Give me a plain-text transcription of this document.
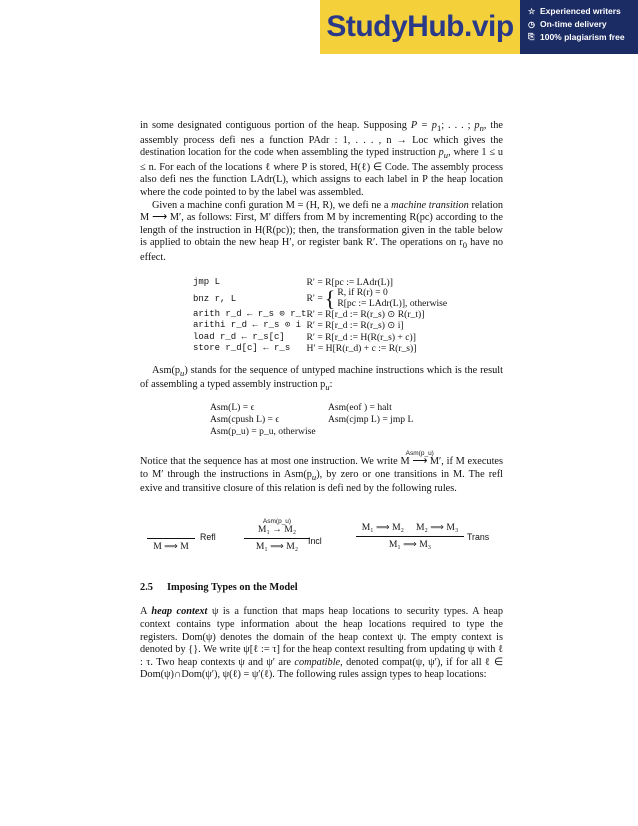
StudyHub.vip	☆ Experienced writers
◷ On-time delivery
⎘ 100% plagiarism free

in some designated contiguous portion of the heap. Supposing $P = p_1$; . . . ; $p_n$, the assembly process defi nes a function PAdr : 1, . . . , n → Loc which gives the destination location for the code when assembling the typed instruction $p_u$, where 1 ≤ u ≤ n. For each of the locations ℓ where P is stored, H(ℓ) ∈ Code. The assembly process also defi nes the function LAdr(L), which assigns to each label in P the heap location where the code pointed to by the label was assembled.

Given a machine confi guration M = (H, R), we defi ne a machine transition relation M ⟶ M′, as follows: First, M′ differs from M by incrementing R(pc) according to the length of the instruction in H(R(pc)); then, the transformation given in the table below is applied to obtain the new heap H′, or register bank R′. The operations on $r_0$ have no effect.

jmp L	R′ = R[pc := LAdr(L)]
bnz r, L	R′ = { R, if R(r) = 0
R[pc := LAdr(L)], otherwise

arith r_d ← r_s ⊙ r_t	R′ = R[r_d := R(r_s) ⊙ R(r_t)]
arithi r_d ← r_s ⊙ i	R′ = R[r_d := R(r_s) ⊙ i]
load r_d ← r_s[c]	R′ = R[r_d := H(R(r_s) + c)]
store r_d[c] ← r_s	H′ = H[R(r_d) + c := R(r_s)]

$Asm(p_u)$ stands for the sequence of untyped machine instructions which is the result of assembling a typed assembly instruction $p_u$:

Asm(L) = ϵ	Asm(eof ) = halt
Asm(cpush L) = ϵ	Asm(cjmp L) = jmp L
Asm(p_u) = p_u, otherwise	

Notice that the sequence has at most one instruction. We write M
Asm(p_u)
⟶ M′, if M executes to M′ through the instructions in $Asm(p_u)$, by zero or one transitions in M. The refl exive and transitive closure of this relation is defi ned by the following rules.

M ⟹ M
Refl
Asm(p_u)
M₁ → M₂
M₁ ⟹ M₂	Incl
M₁ ⟹ M₂     M₂ ⟹ M₃
M₁ ⟹ M₃
Trans
2.5 Imposing Types on the Model

A heap context ψ is a function that maps heap locations to security types. A heap context contains type information about the heap locations required to type the registers. Dom(ψ) denotes the domain of the heap context ψ. The empty context is denoted by {}. We write ψ[ℓ := τ] for the heap context resulting from updating ψ with ℓ : τ. Two heap contexts ψ and ψ′ are compatible, denoted compat(ψ, ψ′), if for all ℓ ∈ Dom(ψ)∩Dom(ψ′), ψ(ℓ) = ψ′(ℓ). The following rules assign types to heap locations:
